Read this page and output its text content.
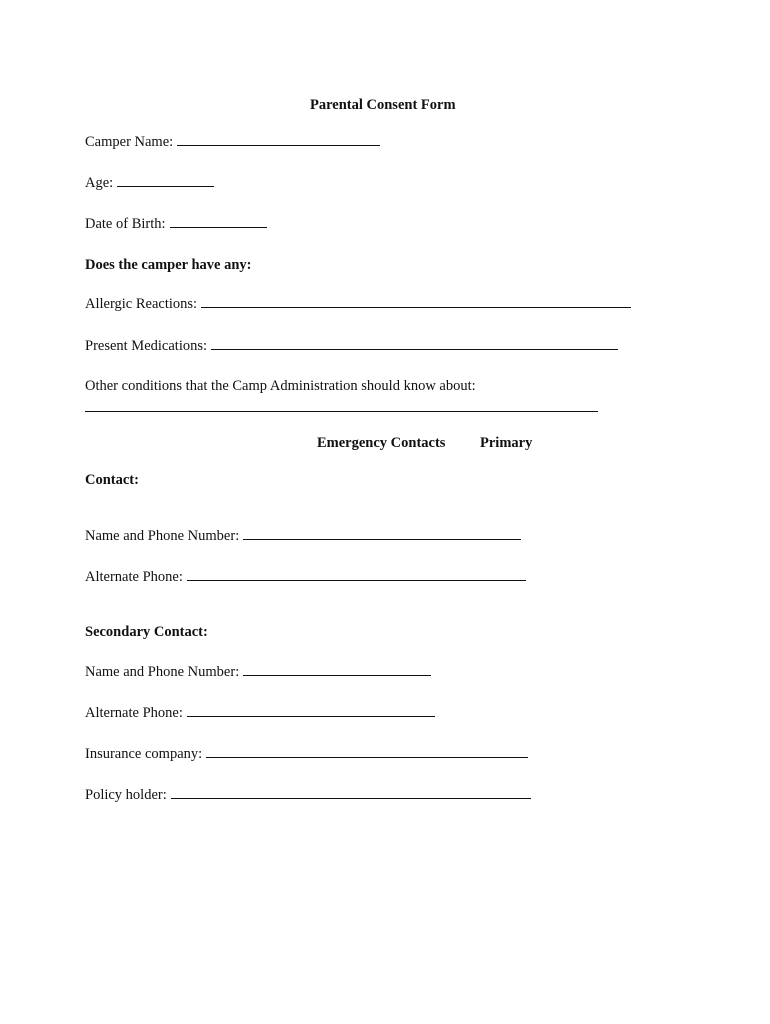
Parental Consent Form
Camper Name:
Age:
Date of Birth:
Does the camper have any:
Allergic Reactions:
Present Medications:
Other conditions that the Camp Administration should know about:
Emergency Contacts Primary
Contact:
Name and Phone Number:
Alternate Phone:
Secondary Contact:
Name and Phone Number:
Alternate Phone:
Insurance company:
Policy holder:
